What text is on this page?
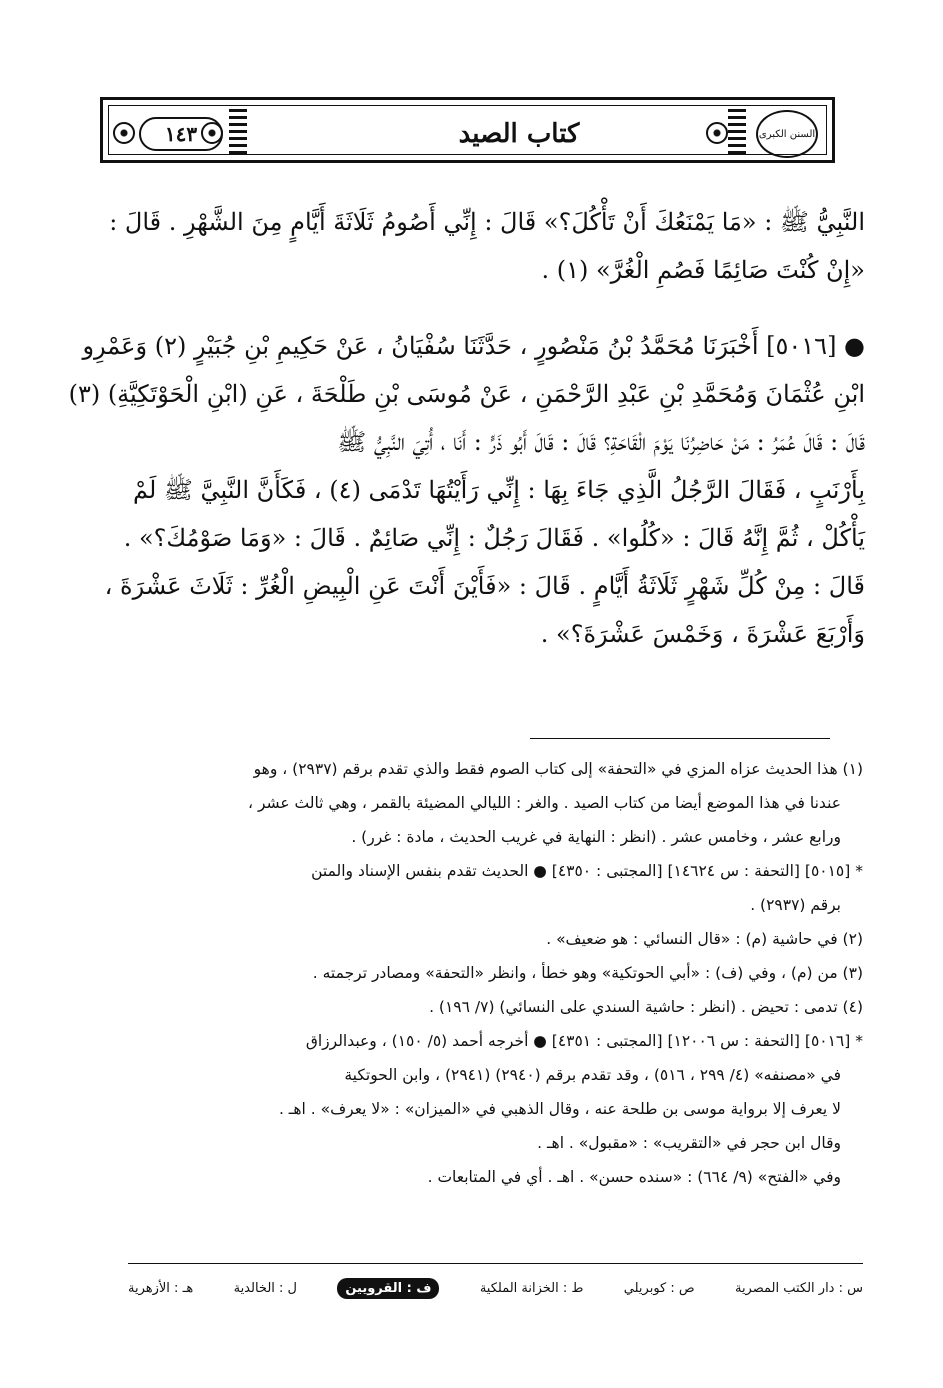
١٤٣	كتاب الصيد	السنن الكبرى
النَّبِيُّ ﷺ : «مَا يَمْنَعُكَ أَنْ تَأْكُلَ؟» قَالَ : إِنِّي أَصُومُ ثَلَاثَةَ أَيَّامٍ مِنَ الشَّهْرِ . قَالَ :
«إِنْ كُنْتَ صَائِمًا فَصُمِ الْغُرَّ» (١) .
● [٥٠١٦] أَخْبَرَنَا مُحَمَّدُ بْنُ مَنْصُورٍ ، حَدَّثَنَا سُفْيَانُ ، عَنْ حَكِيمِ بْنِ جُبَيْرٍ (٢) وَعَمْرِو
ابْنِ عُثْمَانَ وَمُحَمَّدِ بْنِ عَبْدِ الرَّحْمَنِ ، عَنْ مُوسَى بْنِ طَلْحَةَ ، عَنِ (ابْنِ الْحَوْتَكِيَّةِ) (٣)
قَالَ : قَالَ عُمَرُ : مَنْ حَاضِرُنَا يَوْمَ الْقَاحَةِ؟ قَالَ : قَالَ أَبُو ذَرٍّ : أَنَا ، أُتِيَ النَّبِيُّ ﷺ
بِأَرْنَبٍ ، فَقَالَ الرَّجُلُ الَّذِي جَاءَ بِهَا : إِنِّي رَأَيْتُهَا تَدْمَى (٤) ، فَكَأَنَّ النَّبِيَّ ﷺ لَمْ
يَأْكُلْ ، ثُمَّ إِنَّهُ قَالَ : «كُلُوا» . فَقَالَ رَجُلٌ : إِنِّي صَائِمٌ . قَالَ : «وَمَا صَوْمُكَ؟» .
قَالَ : مِنْ كُلِّ شَهْرٍ ثَلَاثَةُ أَيَّامٍ . قَالَ : «فَأَيْنَ أَنْتَ عَنِ الْبِيضِ الْغُرِّ : ثَلَاثَ عَشْرَةَ ،
وَأَرْبَعَ عَشْرَةَ ، وَخَمْسَ عَشْرَةَ؟» .
(١) هذا الحديث عزاه المزي في «التحفة» إلى كتاب الصوم فقط والذي تقدم برقم (٢٩٣٧) ، وهو
عندنا في هذا الموضع أيضا من كتاب الصيد . والغر : الليالي المضيئة بالقمر ، وهي ثالث عشر ،
ورابع عشر ، وخامس عشر . (انظر : النهاية في غريب الحديث ، مادة : غرر) .
* [٥٠١٥] [التحفة : س ١٤٦٢٤] [المجتبى : ٤٣٥٠] ● الحديث تقدم بنفس الإسناد والمتن
برقم (٢٩٣٧) .
(٢) في حاشية (م) : «قال النسائي : هو ضعيف» .
(٣) من (م) ، وفي (ف) : «أبي الحوتكية» وهو خطأ ، وانظر «التحفة» ومصادر ترجمته .
(٤) تدمى : تحيض . (انظر : حاشية السندي على النسائي) (٧/ ١٩٦) .
* [٥٠١٦] [التحفة : س ١٢٠٠٦] [المجتبى : ٤٣٥١] ● أخرجه أحمد (٥/ ١٥٠) ، وعبدالرزاق
في «مصنفه» (٤/ ٢٩٩ ، ٥١٦) ، وقد تقدم برقم (٢٩٤٠) (٢٩٤١) ، وابن الحوتكية
لا يعرف إلا برواية موسى بن طلحة عنه ، وقال الذهبي في «الميزان» : «لا يعرف» . اهـ .
وقال ابن حجر في «التقريب» : «مقبول» . اهـ .
وفي «الفتح» (٩/ ٦٦٤) : «سنده حسن» . اهـ . أي في المتابعات .
س : دار الكتب المصرية
ص : كوبريلي
ط : الخزانة الملكية
ف : القرويين
ل : الخالدية
هـ : الأزهرية
